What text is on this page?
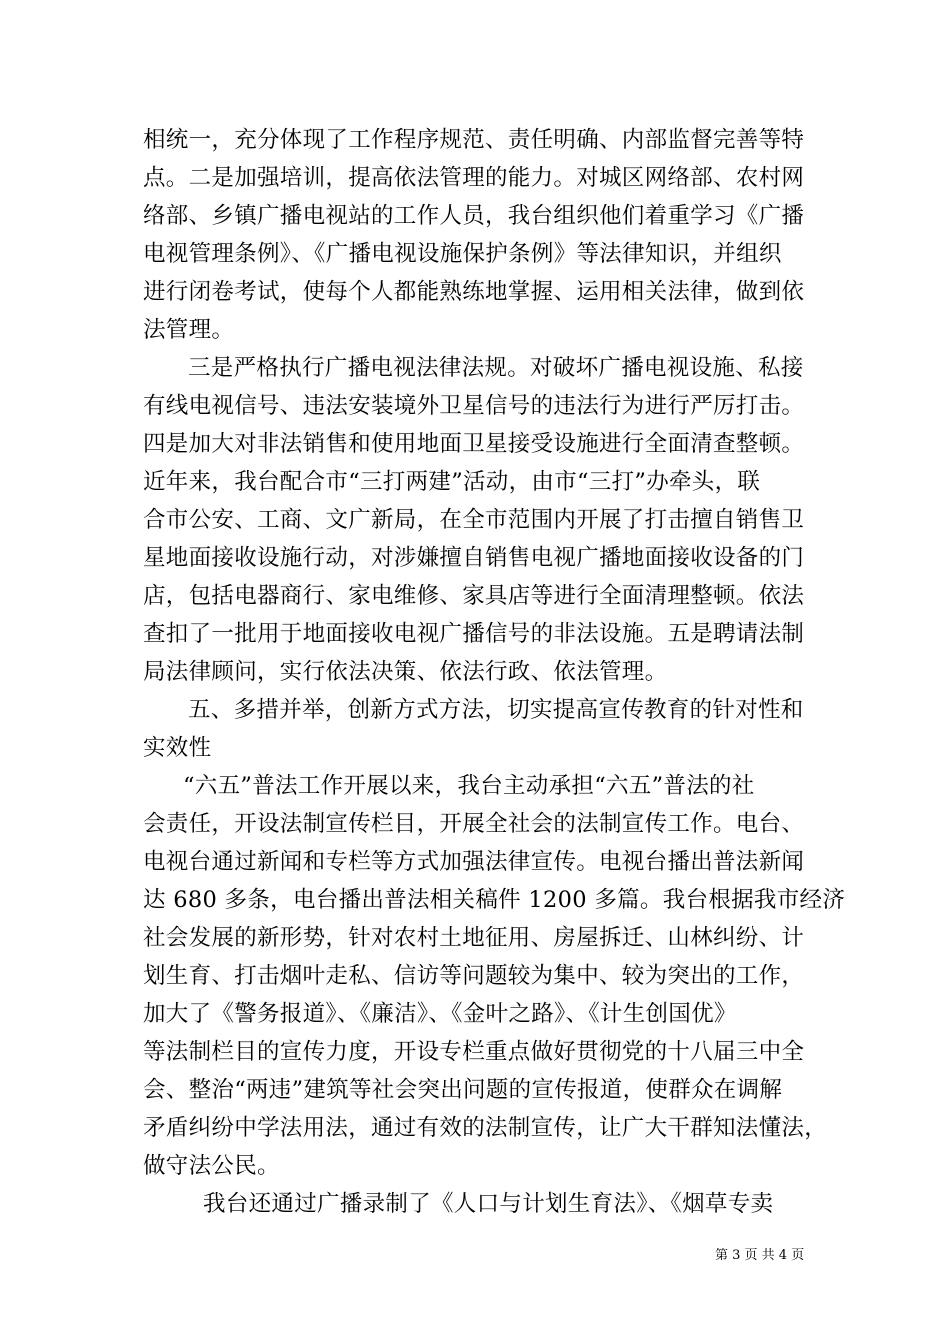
相统一，充分体现了工作程序规范、责任明确、内部监督完善等特
点。二是加强培训，提高依法管理的能力。对城区网络部、农村网
络部、乡镇广播电视站的工作人员，我台组织他们着重学习《广播
电视管理条例》、《广播电视设施保护条例》等法律知识，并组织
进行闭卷考试，使每个人都能熟练地掌握、运用相关法律，做到依
法管理。
三是严格执行广播电视法律法规。对破坏广播电视设施、私接
有线电视信号、违法安装境外卫星信号的违法行为进行严厉打击。
四是加大对非法销售和使用地面卫星接受设施进行全面清查整顿。
近年来，我台配合市“三打两建”活动，由市“三打”办牵头，联
合市公安、工商、文广新局，在全市范围内开展了打击擅自销售卫
星地面接收设施行动，对涉嫌擅自销售电视广播地面接收设备的门
店，包括电器商行、家电维修、家具店等进行全面清理整顿。依法
查扣了一批用于地面接收电视广播信号的非法设施。五是聘请法制
局法律顾问，实行依法决策、依法行政、依法管理。
五、多措并举，创新方式方法，切实提高宣传教育的针对性和
实效性
“六五”普法工作开展以来，我台主动承担“六五”普法的社
会责任，开设法制宣传栏目，开展全社会的法制宣传工作。电台、
电视台通过新闻和专栏等方式加强法律宣传。电视台播出普法新闻
达 680 多条，电台播出普法相关稿件 1200 多篇。我台根据我市经济
社会发展的新形势，针对农村土地征用、房屋拆迁、山林纠纷、计
划生育、打击烟叶走私、信访等问题较为集中、较为突出的工作，
加大了《警务报道》、《廉洁》、《金叶之路》、《计生创国优》
等法制栏目的宣传力度，开设专栏重点做好贯彻党的十八届三中全
会、整治“两违”建筑等社会突出问题的宣传报道，使群众在调解
矛盾纠纷中学法用法，通过有效的法制宣传，让广大干群知法懂法，
做守法公民。
我台还通过广播录制了《人口与计划生育法》、《烟草专卖
第 3 页 共 4 页
